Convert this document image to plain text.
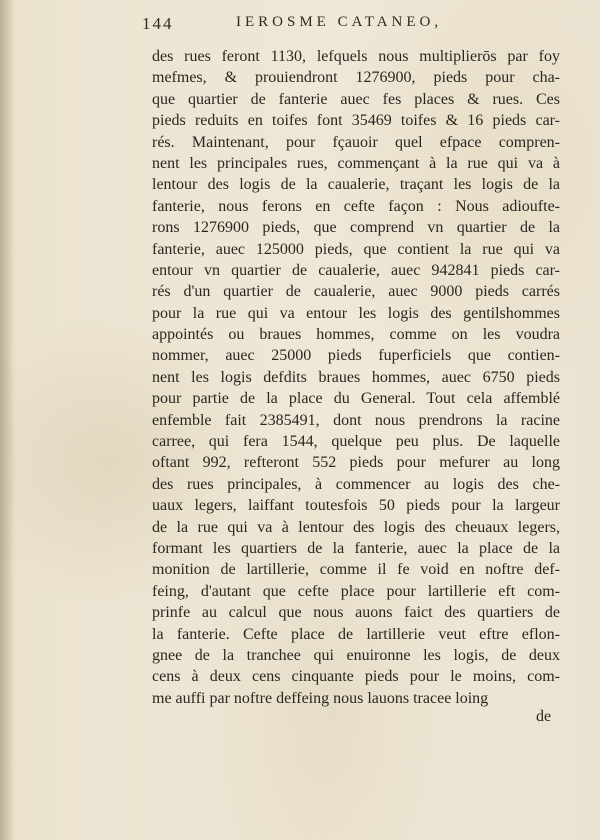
144	IEROSME CATANEO,
des rues feront 1130, lefquels nous multiplierōs par foy
mefmes, & prouiendront 1276900, pieds pour cha-
que quartier de fanterie auec fes places & rues. Ces
pieds reduits en toifes font 35469 toifes & 16 pieds car-
rés. Maintenant, pour fçauoir quel efpace compren-
nent les principales rues, commençant à la rue qui va à
lentour des logis de la caualerie, traçant les logis de la
fanterie, nous ferons en cefte façon : Nous adioufte-
rons 1276900 pieds, que comprend vn quartier de la
fanterie, auec 125000 pieds, que contient la rue qui va
entour vn quartier de caualerie, auec 942841 pieds car-
rés d'un quartier de caualerie, auec 9000 pieds carrés
pour la rue qui va entour les logis des gentilshommes
appointés ou braues hommes, comme on les voudra
nommer, auec 25000 pieds fuperficiels que contien-
nent les logis defdits braues hommes, auec 6750 pieds
pour partie de la place du General. Tout cela affemblé
enfemble fait 2385491, dont nous prendrons la racine
carree, qui fera 1544, quelque peu plus. De laquelle
oftant 992, refteront 552 pieds pour mefurer au long
des rues principales, à commencer au logis des che-
uaux legers, laiffant toutesfois 50 pieds pour la largeur
de la rue qui va à lentour des logis des cheuaux legers,
formant les quartiers de la fanterie, auec la place de la
monition de lartillerie, comme il fe void en noftre def-
feing, d'autant que cefte place pour lartillerie eft com-
prinfe au calcul que nous auons faict des quartiers de
la fanterie. Cefte place de lartillerie veut eftre eflon-
gnee de la tranchee qui enuironne les logis, de deux
cens à deux cens cinquante pieds pour le moins, com-
me auffi par noftre deffeing nous lauons tracee loing
de
